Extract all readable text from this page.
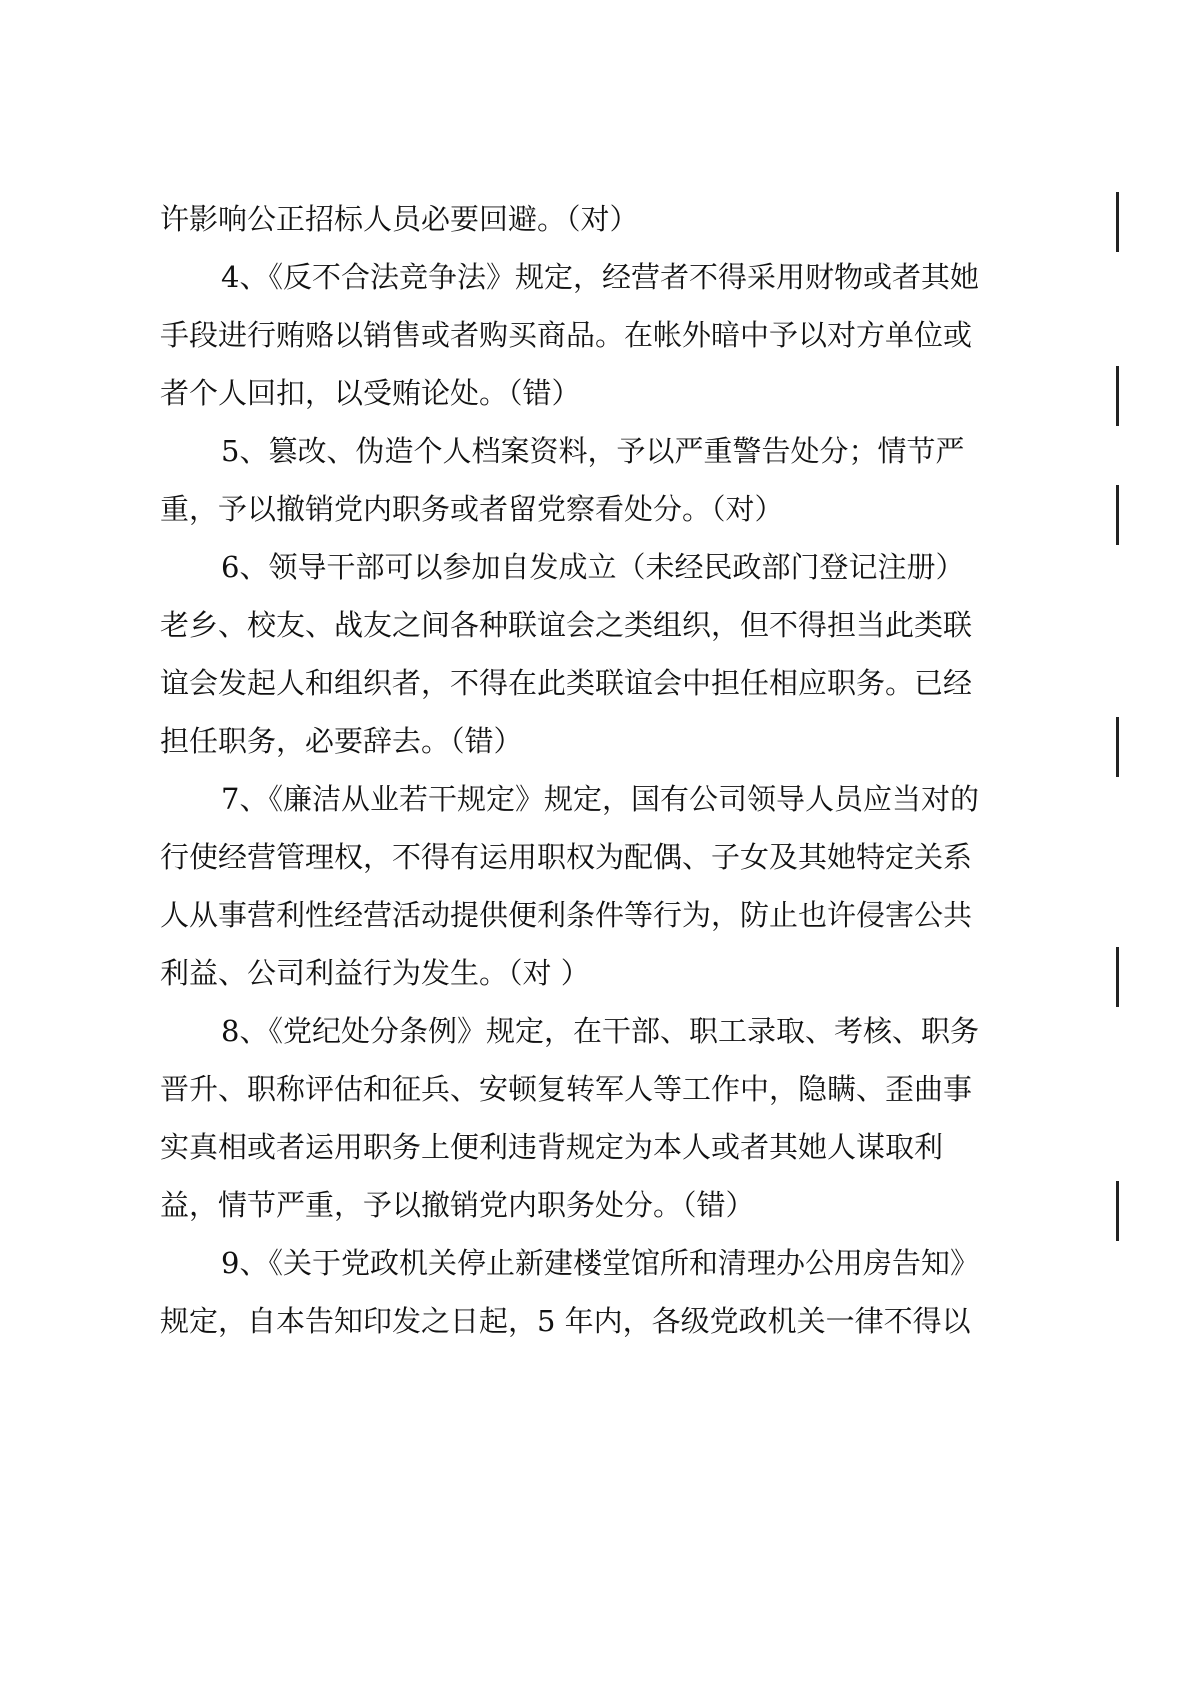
许影响公正招标人员必要回避。（对）
4、《反不合法竞争法》规定，经营者不得采用财物或者其她
手段进行贿赂以销售或者购买商品。在帐外暗中予以对方单位或
者个人回扣，以受贿论处。（错）
5、篡改、伪造个人档案资料，予以严重警告处分；情节严
重，予以撤销党内职务或者留党察看处分。（对）
6、领导干部可以参加自发成立（未经民政部门登记注册）
老乡、校友、战友之间各种联谊会之类组织，但不得担当此类联
谊会发起人和组织者，不得在此类联谊会中担任相应职务。已经
担任职务，必要辞去。（错）
7、《廉洁从业若干规定》规定，国有公司领导人员应当对的
行使经营管理权，不得有运用职权为配偶、子女及其她特定关系
人从事营利性经营活动提供便利条件等行为，防止也许侵害公共
利益、公司利益行为发生。（对 ）
8、《党纪处分条例》规定，在干部、职工录取、考核、职务
晋升、职称评估和征兵、安顿复转军人等工作中，隐瞒、歪曲事
实真相或者运用职务上便利违背规定为本人或者其她人谋取利
益，情节严重，予以撤销党内职务处分。（错）
9、《关于党政机关停止新建楼堂馆所和清理办公用房告知》
规定，自本告知印发之日起，5 年内，各级党政机关一律不得以
